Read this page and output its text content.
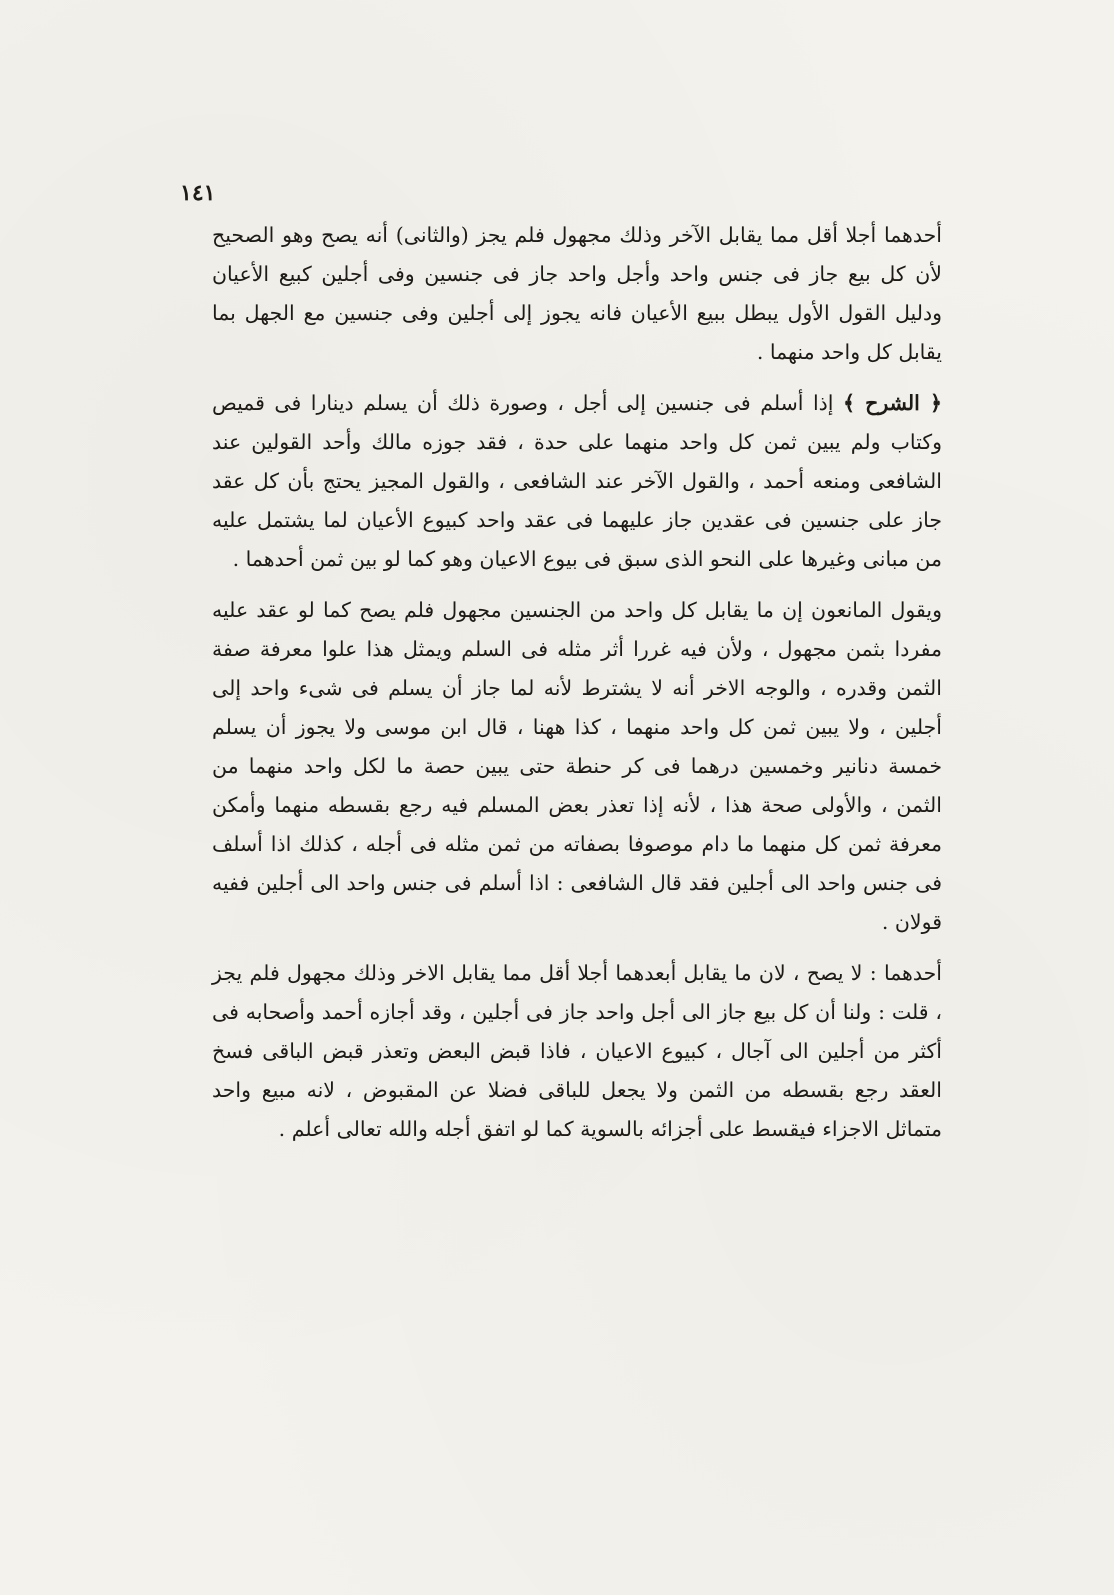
١٤١

أحدهما أجلا أقل مما يقابل الآخر وذلك مجهول فلم يجز (والثانى) أنه يصح وهو الصحيح لأن كل بيع جاز فى جنس واحد وأجل واحد جاز فى جنسين وفى أجلين كبيع الأعيان ودليل القول الأول يبطل ببيع الأعيان فانه يجوز إلى أجلين وفى جنسين مع الجهل بما يقابل كل واحد منهما .

﴿ الشرح ﴾ إذا أسلم فى جنسين إلى أجل ، وصورة ذلك أن يسلم دينارا فى قميص وكتاب ولم يبين ثمن كل واحد منهما على حدة ، فقد جوزه مالك وأحد القولين عند الشافعى ومنعه أحمد ، والقول الآخر عند الشافعى ، والقول المجيز يحتج بأن كل عقد جاز على جنسين فى عقدين جاز عليهما فى عقد واحد كبيوع الأعيان لما يشتمل عليه من مبانى وغيرها على النحو الذى سبق فى بيوع الاعيان وهو كما لو بين ثمن أحدهما .

ويقول المانعون إن ما يقابل كل واحد من الجنسين مجهول فلم يصح كما لو عقد عليه مفردا بثمن مجهول ، ولأن فيه غررا أثر مثله فى السلم ويمثل هذا علوا معرفة صفة الثمن وقدره ، والوجه الاخر أنه لا يشترط لأنه لما جاز أن يسلم فى شىء واحد إلى أجلين ، ولا يبين ثمن كل واحد منهما ، كذا ههنا ، قال ابن موسى ولا يجوز أن يسلم خمسة دنانير وخمسين درهما فى كر حنطة حتى يبين حصة ما لكل واحد منهما من الثمن ، والأولى صحة هذا ، لأنه إذا تعذر بعض المسلم فيه رجع بقسطه منهما وأمكن معرفة ثمن كل منهما ما دام موصوفا بصفاته من ثمن مثله فى أجله ، كذلك اذا أسلف فى جنس واحد الى أجلين فقد قال الشافعى : اذا أسلم فى جنس واحد الى أجلين ففيه قولان .

أحدهما : لا يصح ، لان ما يقابل أبعدهما أجلا أقل مما يقابل الاخر وذلك مجهول فلم يجز ، قلت : ولنا أن كل بيع جاز الى أجل واحد جاز فى أجلين ، وقد أجازه أحمد وأصحابه فى أكثر من أجلين الى آجال ، كبيوع الاعيان ، فاذا قبض البعض وتعذر قبض الباقى فسخ العقد رجع بقسطه من الثمن ولا يجعل للباقى فضلا عن المقبوض ، لانه مبيع واحد متماثل الاجزاء فيقسط على أجزائه بالسوية كما لو اتفق أجله والله تعالى أعلم .
